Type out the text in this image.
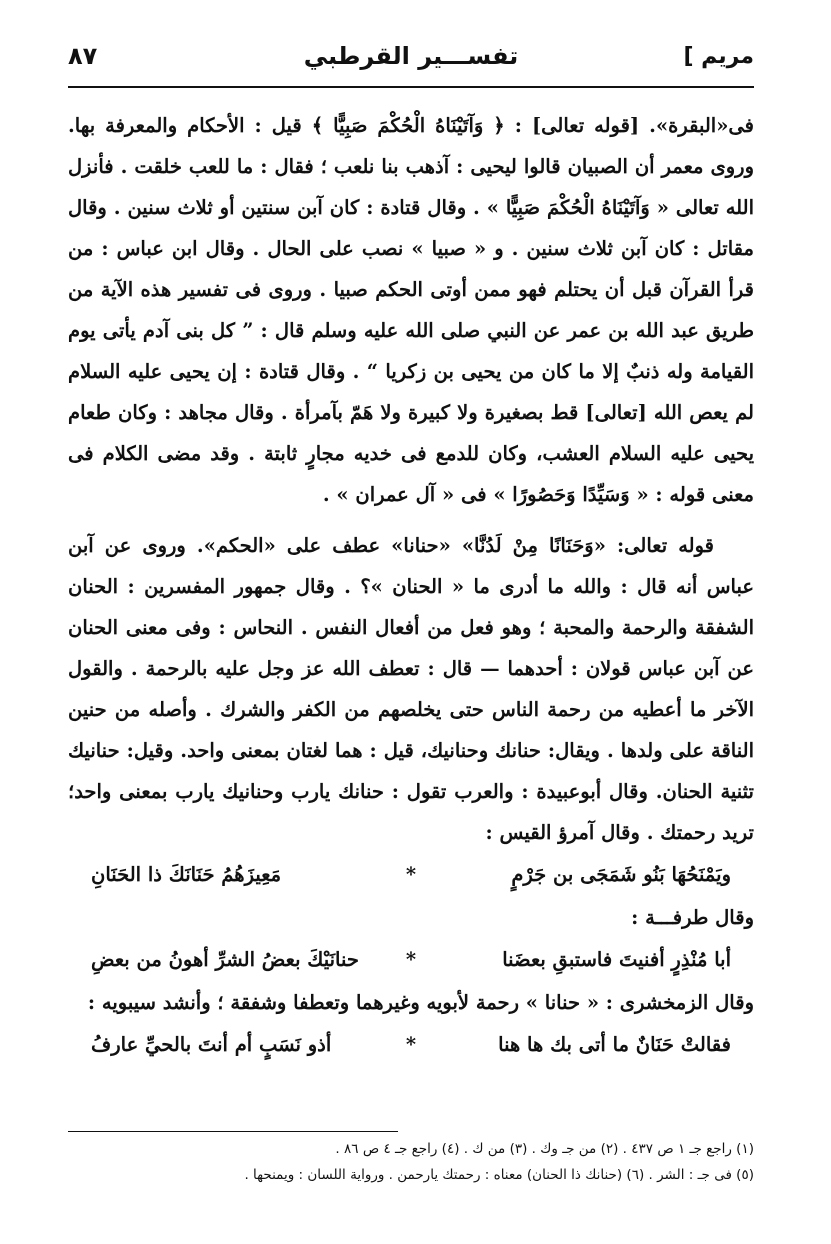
مريم ]
تفســـير القرطبي
٨٧

فى«البقرة». [قوله تعالى] : ﴿ وَآتَيْنَاهُ الْحُكْمَ صَبِيًّا ﴾ قيل : الأحكام والمعرفة بها. وروى معمر أن الصبيان قالوا ليحيى : آذهب بنا نلعب ؛ فقال : ما للعب خلقت . فأنزل الله تعالى « وَآتَيْنَاهُ الْحُكْمَ صَبِيًّا » . وقال قتادة : كان آبن سنتين أو ثلاث سنين . وقال مقاتل : كان آبن ثلاث سنين . و « صبيا » نصب على الحال . وقال ابن عباس : من قرأ القرآن قبل أن يحتلم فهو ممن أوتى الحكم صبيا . وروى فى تفسير هذه الآية من طريق عبد الله بن عمر عن النبي صلى الله عليه وسلم قال : ” كل بنى آدم يأتى يوم القيامة وله ذنبٌ إلا ما كان من يحيى بن زكريا “ . وقال قتادة : إن يحيى عليه السلام لم يعص الله [تعالى] قط بصغيرة ولا كبيرة ولا هَمّ بآمرأة . وقال مجاهد : وكان طعام يحيى عليه السلام العشب، وكان للدمع فى خديه مجارٍ ثابتة . وقد مضى الكلام فى معنى قوله : « وَسَيِّدًا وَحَصُورًا » فى « آل عمران » .

قوله تعالى: «وَحَنَانًا مِنْ لَدُنَّا» «حنانا» عطف على «الحكم». وروى عن آبن عباس أنه قال : والله ما أدرى ما « الحنان »؟ . وقال جمهور المفسرين : الحنان الشفقة والرحمة والمحبة ؛ وهو فعل من أفعال النفس . النحاس : وفى معنى الحنان عن آبن عباس قولان : أحدهما — قال : تعطف الله عز وجل عليه بالرحمة . والقول الآخر ما أعطيه من رحمة الناس حتى يخلصهم من الكفر والشرك . وأصله من حنين الناقة على ولدها . ويقال: حنانك وحنانيك، قيل : هما لغتان بمعنى واحد. وقيل: حنانيك تثنية الحنان. وقال أبوعبيدة : والعرب تقول : حنانك يارب وحنانيك يارب بمعنى واحد؛ تريد رحمتك . وقال آمرؤ القيس :

ويَمْنَحُهَا بَنُو شَمَجَى بن جَرْمٍ*مَعِيزَهُمُ حَنَانَكَ ذا الحَنَانِ

وقال طرفـــة :

أبا مُنْذِرٍ أفنيتَ فاستبقِ بعضَنا*حنانَيْكَ بعضُ الشرِّ أهونُ من بعضِ

وقال الزمخشرى : « حنانا » رحمة لأبويه وغيرهما وتعطفا وشفقة ؛ وأنشد سيبويه :

فقالتْ حَنَانٌ ما أتى بك ها هنا*أذو نَسَبٍ أم أنتَ بالحيِّ عارفُ
(١) راجع جـ ١ ص ٤٣٧ . (٢) من جـ وك . (٣) من ك . (٤) راجع جـ ٤ ص ٨٦ .
(٥) فى جـ : الشر . (٦) (حنانك ذا الحنان) معناه : رحمتك يارحمن . ورواية اللسان : ويمنحها .
